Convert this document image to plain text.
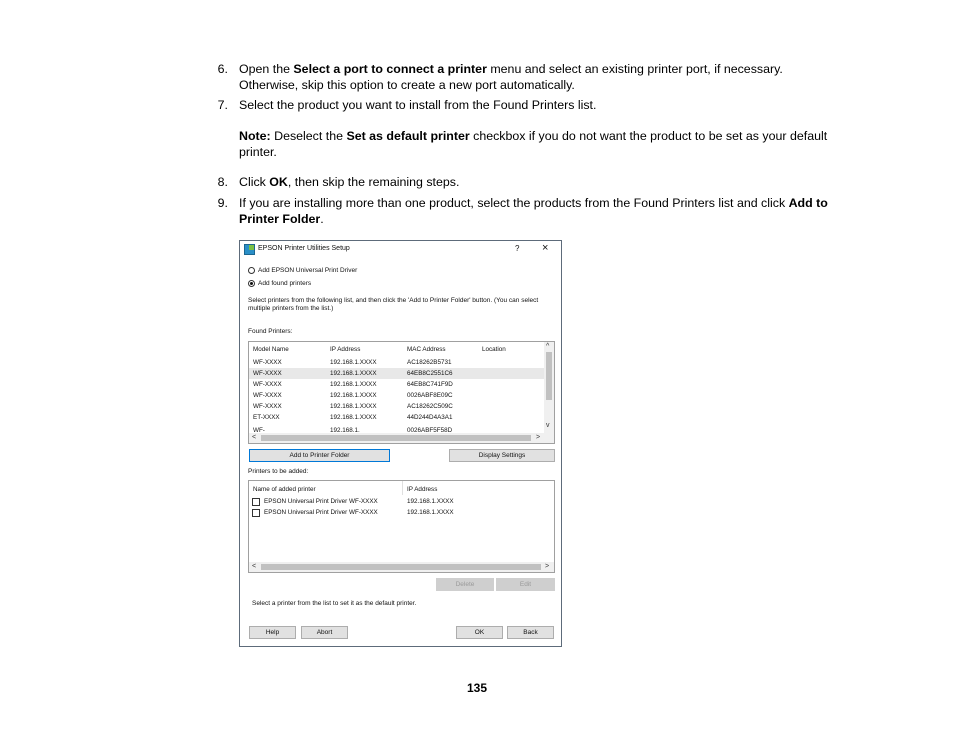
6. Open the Select a port to connect a printer menu and select an existing printer port, if necessary. Otherwise, skip this option to create a new port automatically.
7. Select the product you want to install from the Found Printers list.
Note: Deselect the Set as default printer checkbox if you do not want the product to be set as your default printer.
8. Click OK, then skip the remaining steps.
9. If you are installing more than one product, select the products from the Found Printers list and click Add to Printer Folder.
EPSON Printer Utilities Setup	? ×
Add EPSON Universal Print Driver
Add found printers
Select printers from the following list, and then click the 'Add to Printer Folder' button. (You can select multiple printers from the list.)
Found Printers:
Model Name	IP Address	MAC Address	Location
WF-XXXX	192.168.1.XXXX	AC18262B5731
WF-XXXX	192.168.1.XXXX	64EB8C2551C6
WF-XXXX	192.168.1.XXXX	64EB8C741F9D
WF-XXXX	192.168.1.XXXX	0026ABF8E09C
WF-XXXX	192.168.1.XXXX	AC18262C509C
ET-XXXX	192.168.1.XXXX	44D244D4A3A1
WF-	192.168.1.	0026ABF5F58D
^
v
<	>
Add to Printer Folder	Display Settings
Printers to be added:
Name of added printer	IP Address
EPSON Universal Print Driver WF-XXXX	192.168.1.XXXX
EPSON Universal Print Driver WF-XXXX	192.168.1.XXXX
<	>
Delete	Edit
Select a printer from the list to set it as the default printer.
Help	Abort	OK	Back
135
